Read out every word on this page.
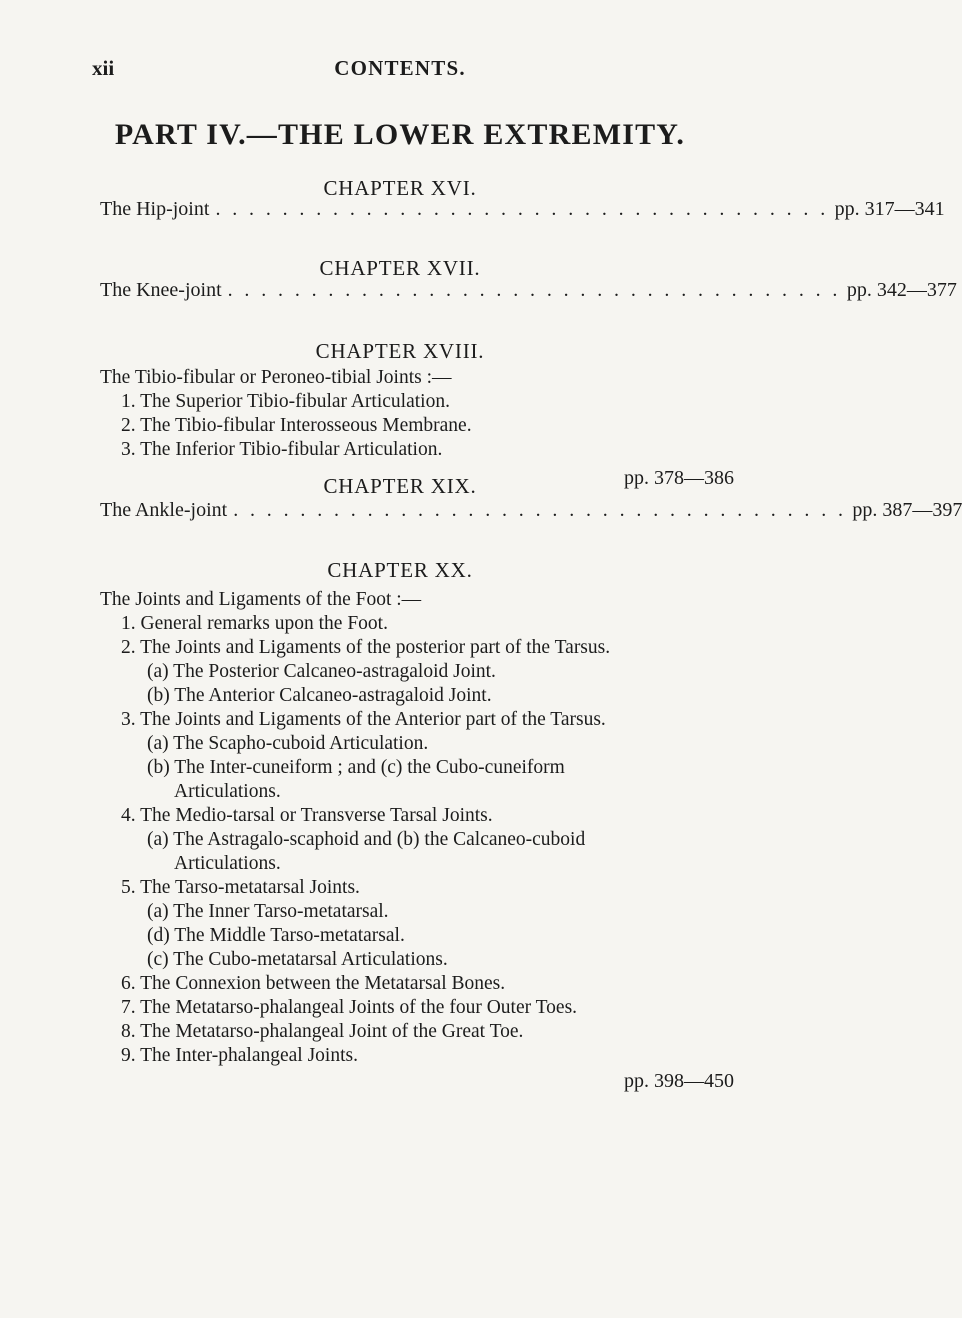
xii	CONTENTS.
PART IV.—THE LOWER EXTREMITY.
CHAPTER XVI.
The Hip-joint . . . . . . . . . . . . . . . . . . . . . . . . . . . . . . . . . . . . . pp. 317—341
CHAPTER XVII.
The Knee-joint . . . . . . . . . . . . . . . . . . . . . . . . . . . . . . . . . . . . . pp. 342—377
CHAPTER XVIII.
The Tibio-fibular or Peroneo-tibial Joints :—
1. The Superior Tibio-fibular Articulation.
2. The Tibio-fibular Interosseous Membrane.
3. The Inferior Tibio-fibular Articulation.
pp. 378—386
CHAPTER XIX.
The Ankle-joint . . . . . . . . . . . . . . . . . . . . . . . . . . . . . . . . . . . . . pp. 387—397
CHAPTER XX.
The Joints and Ligaments of the Foot :—
1. General remarks upon the Foot.
2. The Joints and Ligaments of the posterior part of the Tarsus.
(a) The Posterior Calcaneo-astragaloid Joint.
(b) The Anterior Calcaneo-astragaloid Joint.
3. The Joints and Ligaments of the Anterior part of the Tarsus.
(a) The Scapho-cuboid Articulation.
(b) The Inter-cuneiform ; and (c) the Cubo-cuneiform
Articulations.
4. The Medio-tarsal or Transverse Tarsal Joints.
(a) The Astragalo-scaphoid and (b) the Calcaneo-cuboid
Articulations.
5. The Tarso-metatarsal Joints.
(a) The Inner Tarso-metatarsal.
(d) The Middle Tarso-metatarsal.
(c) The Cubo-metatarsal Articulations.
6. The Connexion between the Metatarsal Bones.
7. The Metatarso-phalangeal Joints of the four Outer Toes.
8. The Metatarso-phalangeal Joint of the Great Toe.
9. The Inter-phalangeal Joints.
pp. 398—450
